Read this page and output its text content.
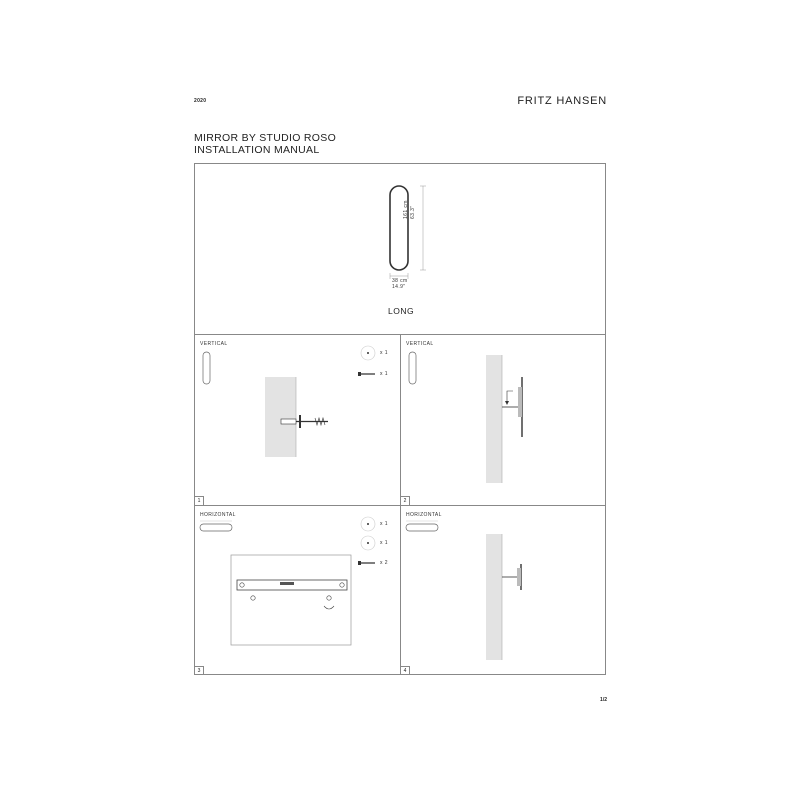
2020	FRITZ HANSEN
MIRROR BY STUDIO ROSO
INSTALLATION MANUAL
161 cm 63.3"
38 cm
14.9"
LONG
VERTICAL
x 1
x 1
1
VERTICAL
2
HORIZONTAL
x 1
x 1
x 2
3
HORIZONTAL
4
1/2
